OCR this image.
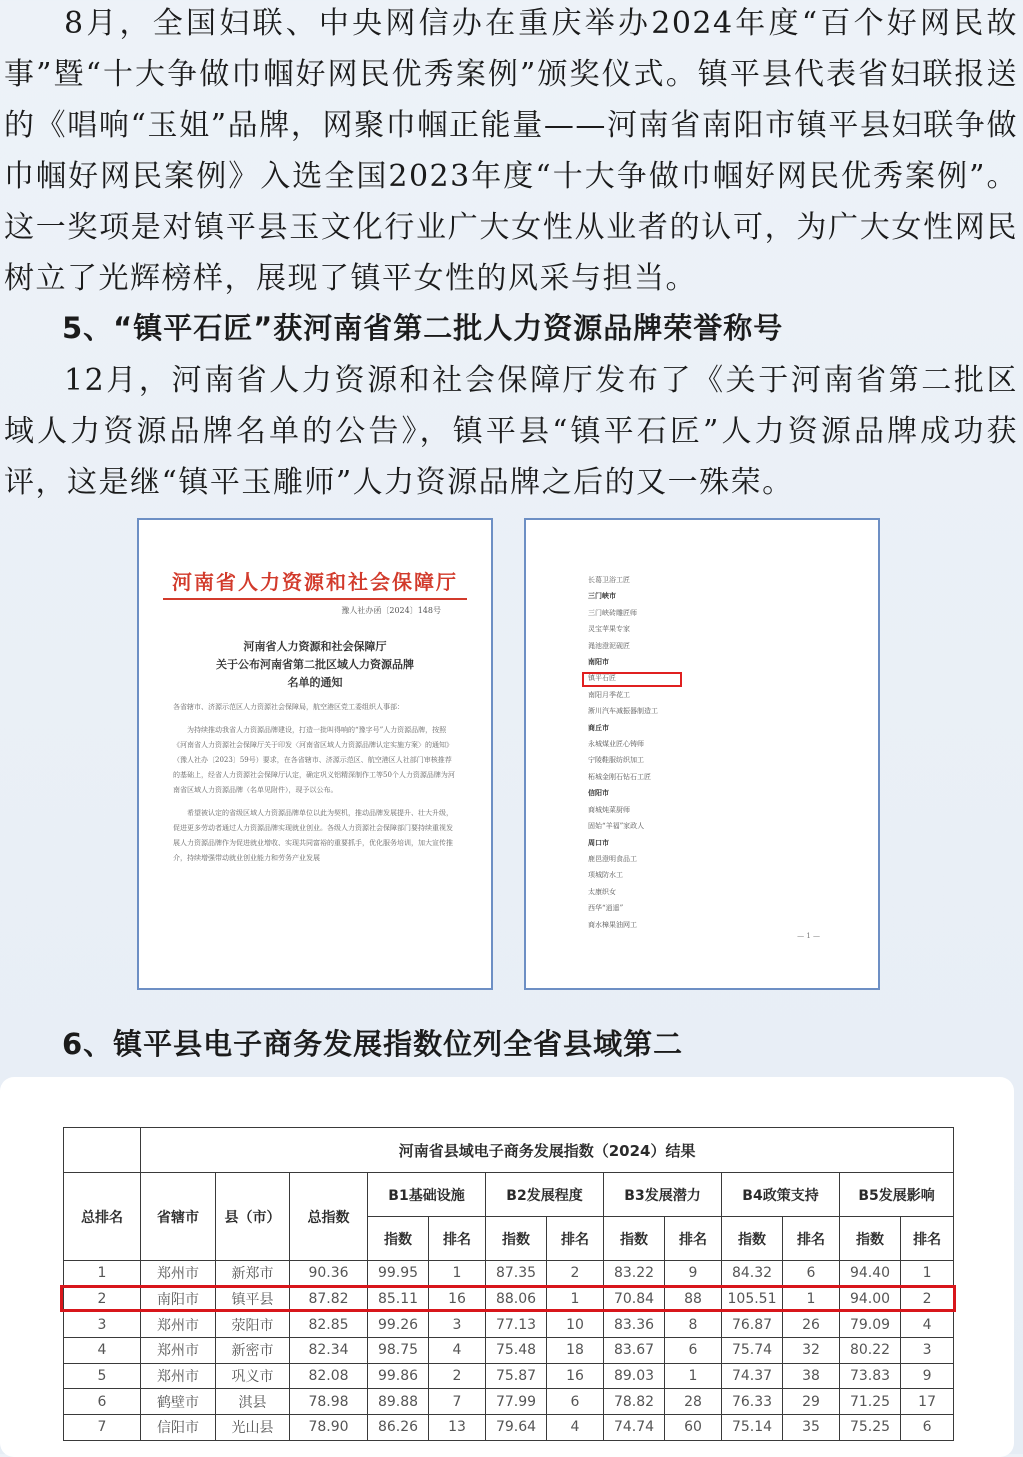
8月，全国妇联、中央网信办在重庆举办2024年度“百个好网民故事”暨“十大争做巾帼好网民优秀案例”颁奖仪式。镇平县代表省妇联报送的《唱响“玉姐”品牌，网聚巾帼正能量——河南省南阳市镇平县妇联争做巾帼好网民案例》入选全国2023年度“十大争做巾帼好网民优秀案例”。这一奖项是对镇平县玉文化行业广大女性从业者的认可，为广大女性网民树立了光辉榜样，展现了镇平女性的风采与担当。

5、“镇平石匠”获河南省第二批人力资源品牌荣誉称号

12月，河南省人力资源和社会保障厅发布了《关于河南省第二批区域人力资源品牌名单的公告》，镇平县“镇平石匠”人力资源品牌成功获评，这是继“镇平玉雕师”人力资源品牌之后的又一殊荣。

河南省人力资源和社会保障厅
豫人社办函〔2024〕148号
河南省人力资源和社会保障厅
关于公布河南省第二批区域人力资源品牌
名单的通知

各省辖市、济源示范区人力资源社会保障局，航空港区党工委组织人事部：

为持续推动我省人力资源品牌建设，打造一批叫得响的“豫字号”人力资源品牌，按照《河南省人力资源社会保障厅关于印发〈河南省区域人力资源品牌认定实施方案〉的通知》（豫人社办〔2023〕59号）要求，在各省辖市、济源示范区、航空港区人社部门审核推荐的基础上，经省人力资源社会保障厅认定，确定巩义铝精深制作工等50个人力资源品牌为河南省区域人力资源品牌（名单见附件），现予以公布。

希望被认定的省级区域人力资源品牌单位以此为契机，推动品牌发展提升、壮大升级，促进更多劳动者通过人力资源品牌实现就业创业。各级人力资源社会保障部门要持续重视发展人力资源品牌作为促进就业增收、实现共同富裕的重要抓手，优化服务培训，加大宣传推介，持续增强带动就业创业能力和劳务产业发展

长葛卫浴工匠
三门峡市
三门峡砖雕匠师
灵宝苹果专家
渑池澄泥砚匠
南阳市
镇平石匠
南阳月季花工
淅川汽车减振器制造工
商丘市
永城煤业匠心铸师
宁陵鞋服纺织加工
柘城金刚石钻石工匠
信阳市
商城炖菜厨师
固始“羊福”家政人
周口市
鹿邑澄明食品工
项城防水工
太康织女
西华“逍遥”
商水樟果油网工
— 1 —
6、镇平县电子商务发展指数位列全省县域第二
	河南省县域电子商务发展指数（2024）结果												
总排名	省辖市	县（市）	总指数	B1基础设施		B2发展程度		B3发展潜力		B4政策支持		B5发展影响	
				指数	排名	指数	排名	指数	排名	指数	排名	指数	排名
1	郑州市	新郑市	90.36	99.95	1	87.35	2	83.22	9	84.32	6	94.40	1
2	南阳市	镇平县	87.82	85.11	16	88.06	1	70.84	88	105.51	1	94.00	2
3	郑州市	荥阳市	82.85	99.26	3	77.13	10	83.36	8	76.87	26	79.09	4
4	郑州市	新密市	82.34	98.75	4	75.48	18	83.67	6	75.74	32	80.22	3
5	郑州市	巩义市	82.08	99.86	2	75.87	16	89.03	1	74.37	38	73.83	9
6	鹤壁市	淇县	78.98	89.88	7	77.99	6	78.82	28	76.33	29	71.25	17
7	信阳市	光山县	78.90	86.26	13	79.64	4	74.74	60	75.14	35	75.25	6
